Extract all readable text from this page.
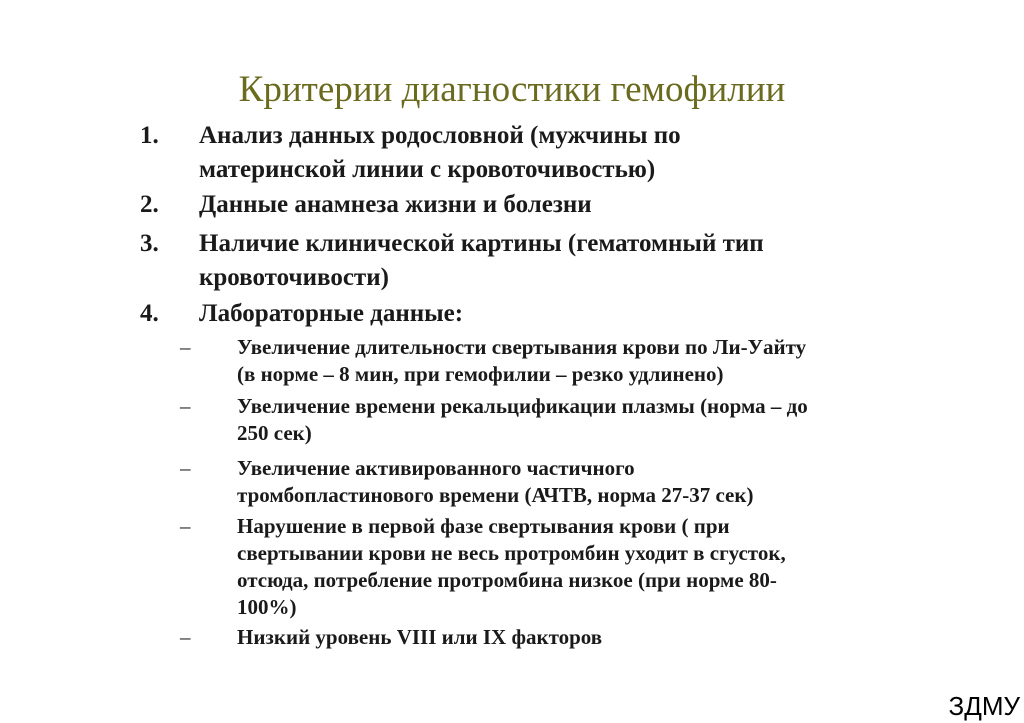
Критерии диагностики гемофилии
1.	Анализ данных родословной (мужчины по
материнской линии с кровоточивостью)
2.	Данные анамнеза жизни и болезни
3.	Наличие клинической картины (гематомный тип
кровоточивости)
4.	Лабораторные данные:
– Увеличение длительности свертывания крови по Ли-Уайту
(в норме – 8 мин, при гемофилии – резко удлинено)
– Увеличение времени рекальцификации плазмы (норма – до
250 сек)
– Увеличение активированного частичного
тромбопластинового времени (АЧТВ, норма 27-37 сек)
– Нарушение в первой фазе свертывания крови ( при
свертывании крови не весь протромбин уходит в сгусток,
отсюда, потребление протромбина низкое (при норме 80-
100%)
– Низкий уровень VIII или IX факторов
ЗДМУ
